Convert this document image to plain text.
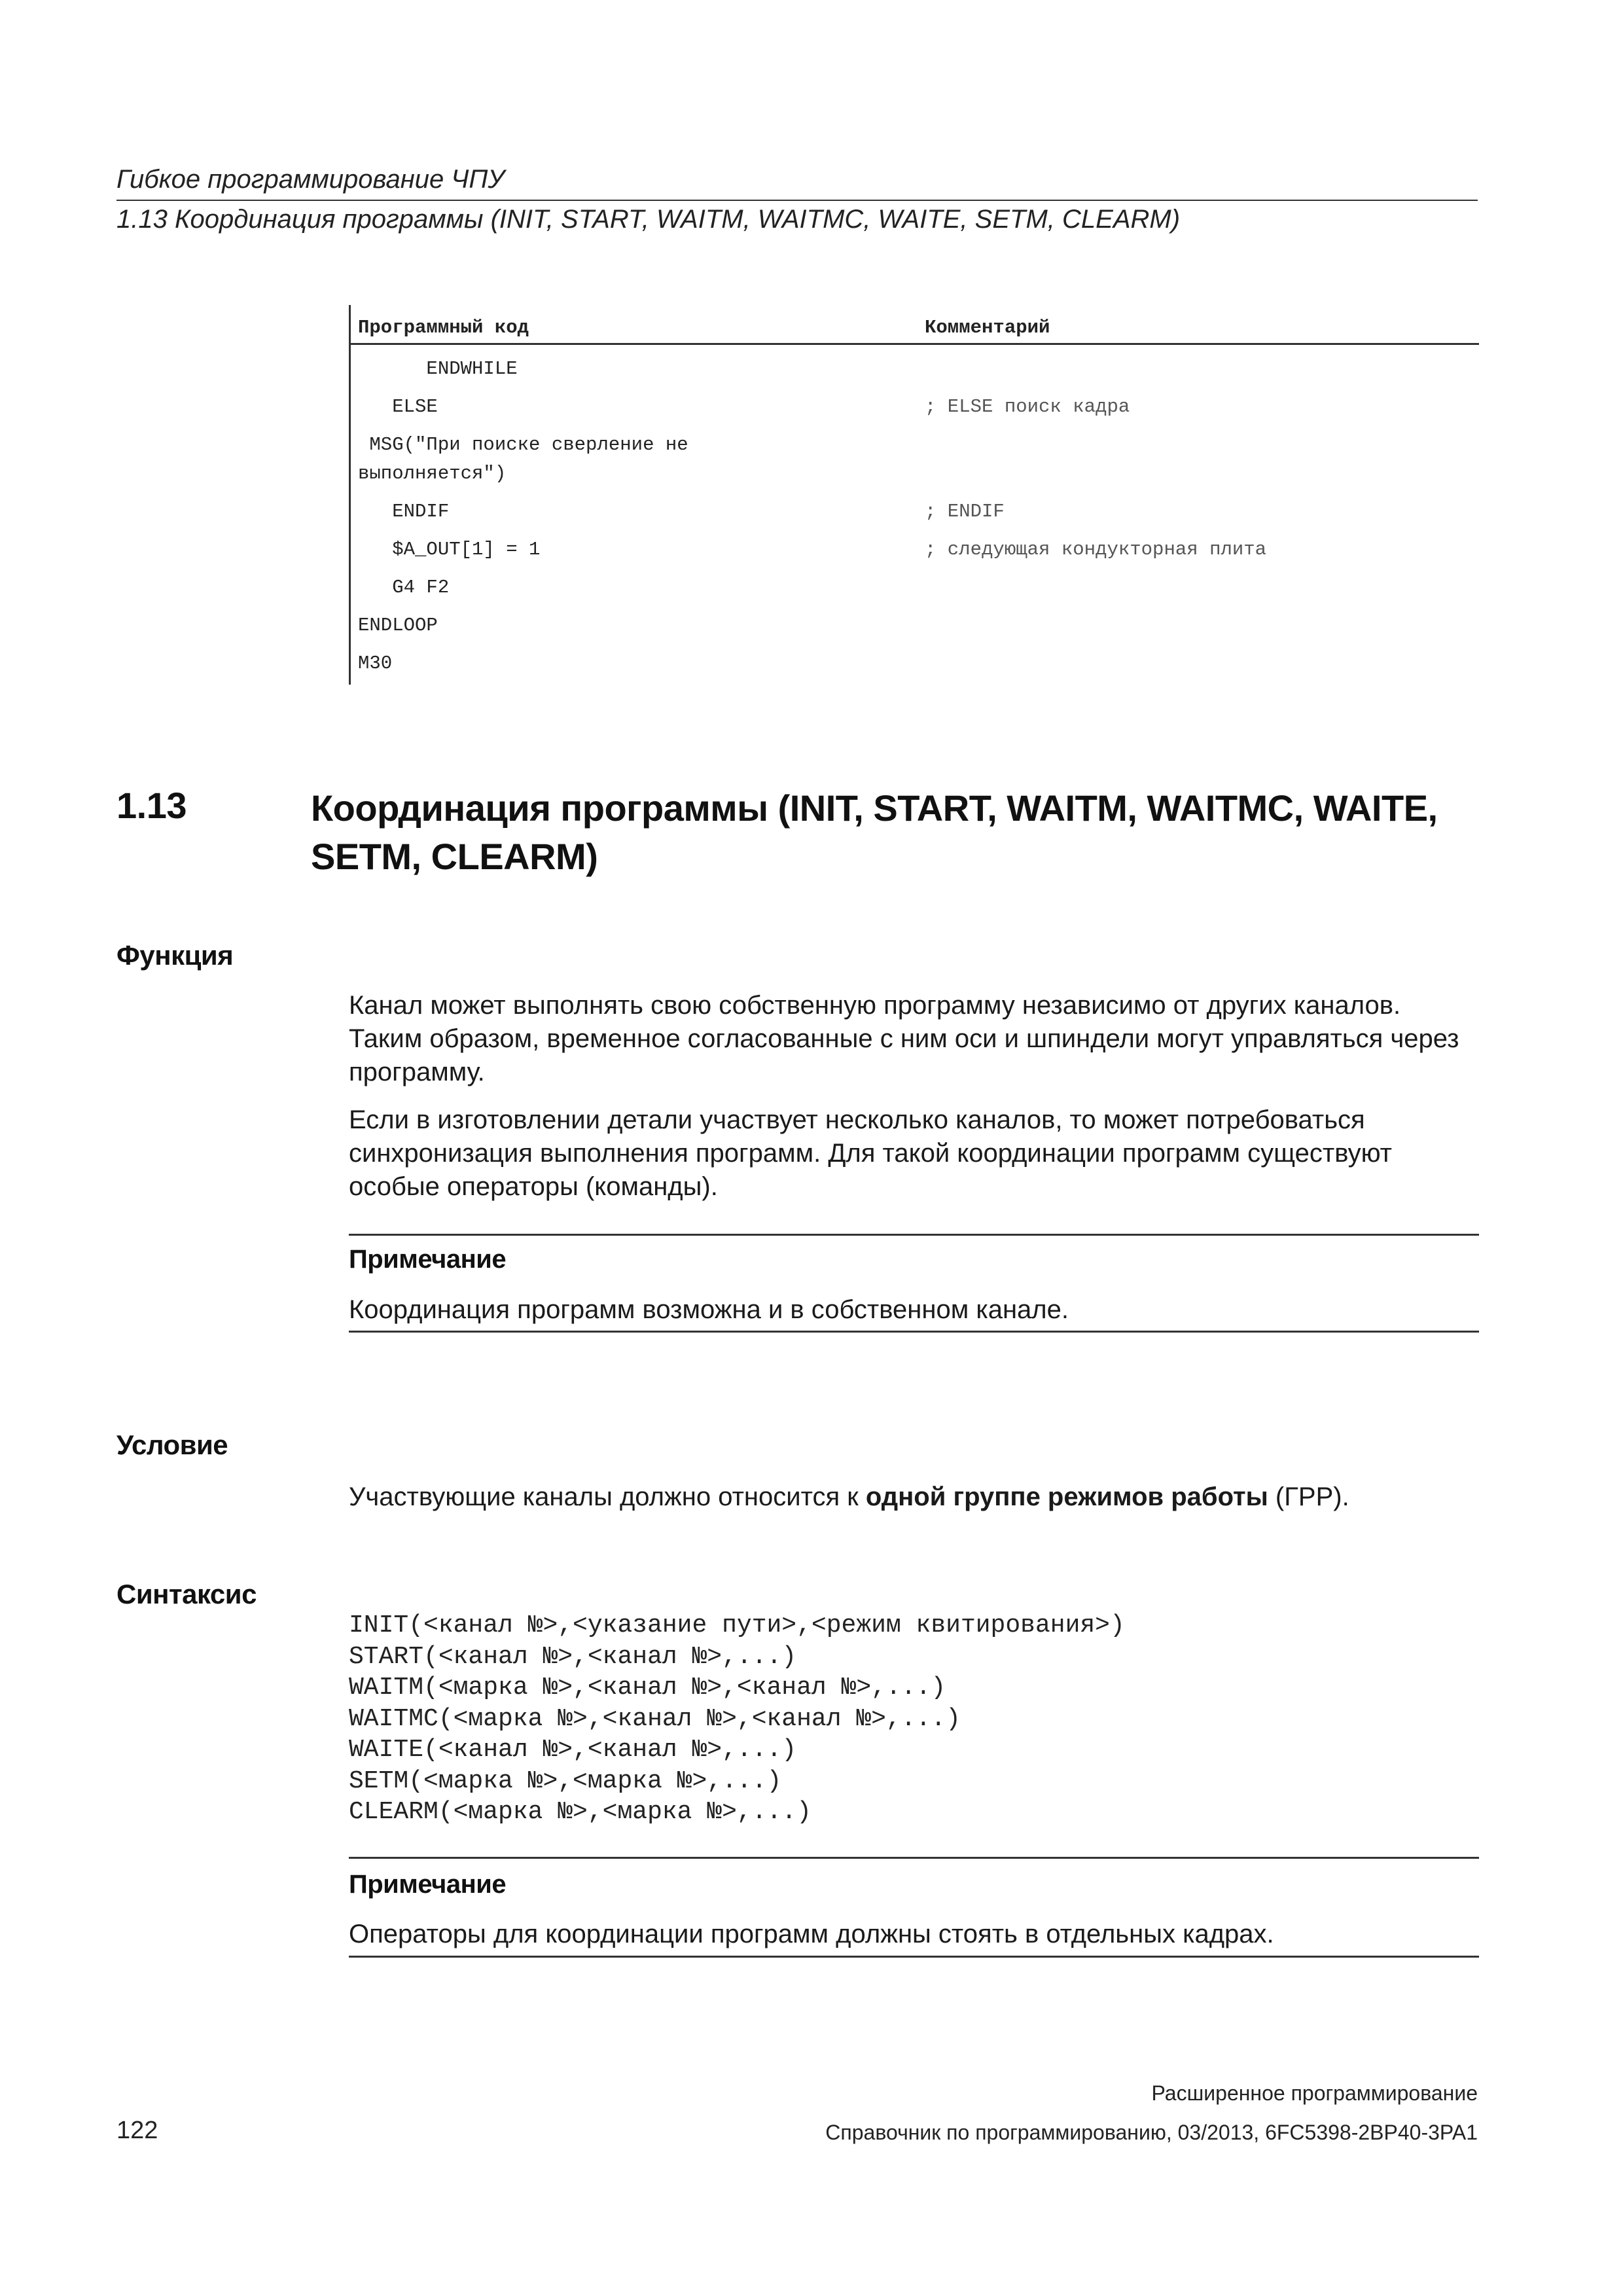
Гибкое программирование ЧПУ
1.13 Координация программы (INIT, START, WAITM, WAITMC, WAITE, SETM, CLEARM)
Программный код	Комментарий
ENDWHILE
ELSE	; ELSE поиск кадра
MSG("При поиске сверление не
выполняется")
ENDIF	; ENDIF
$A_OUT[1] = 1	; следующая кондукторная плита
G4 F2
ENDLOOP
M30
1.13	Координация программы (INIT, START, WAITM, WAITMC, WAITE, SETM, CLEARM)
Функция
Канал может выполнять свою собственную программу независимо от других каналов. Таким образом, временное согласованные с ним оси и шпиндели могут управляться через программу.
Если в изготовлении детали участвует несколько каналов, то может потребоваться синхронизация выполнения программ. Для такой координации программ существуют особые операторы (команды).
Примечание
Координация программ возможна и в собственном канале.
Условие
Участвующие каналы должно относится к одной группе режимов работы (ГРР).
Синтаксис
INIT(<канал №>,<указание пути>,<режим квитирования>)
START(<канал №>,<канал №>,...)
WAITM(<марка №>,<канал №>,<канал №>,...)
WAITMC(<марка №>,<канал №>,<канал №>,...)
WAITE(<канал №>,<канал №>,...)
SETM(<марка №>,<марка №>,...)
CLEARM(<марка №>,<марка №>,...)
Примечание
Операторы для координации программ должны стоять в отдельных кадрах.
Расширенное программирование
122	Справочник по программированию, 03/2013, 6FC5398-2BP40-3PA1
